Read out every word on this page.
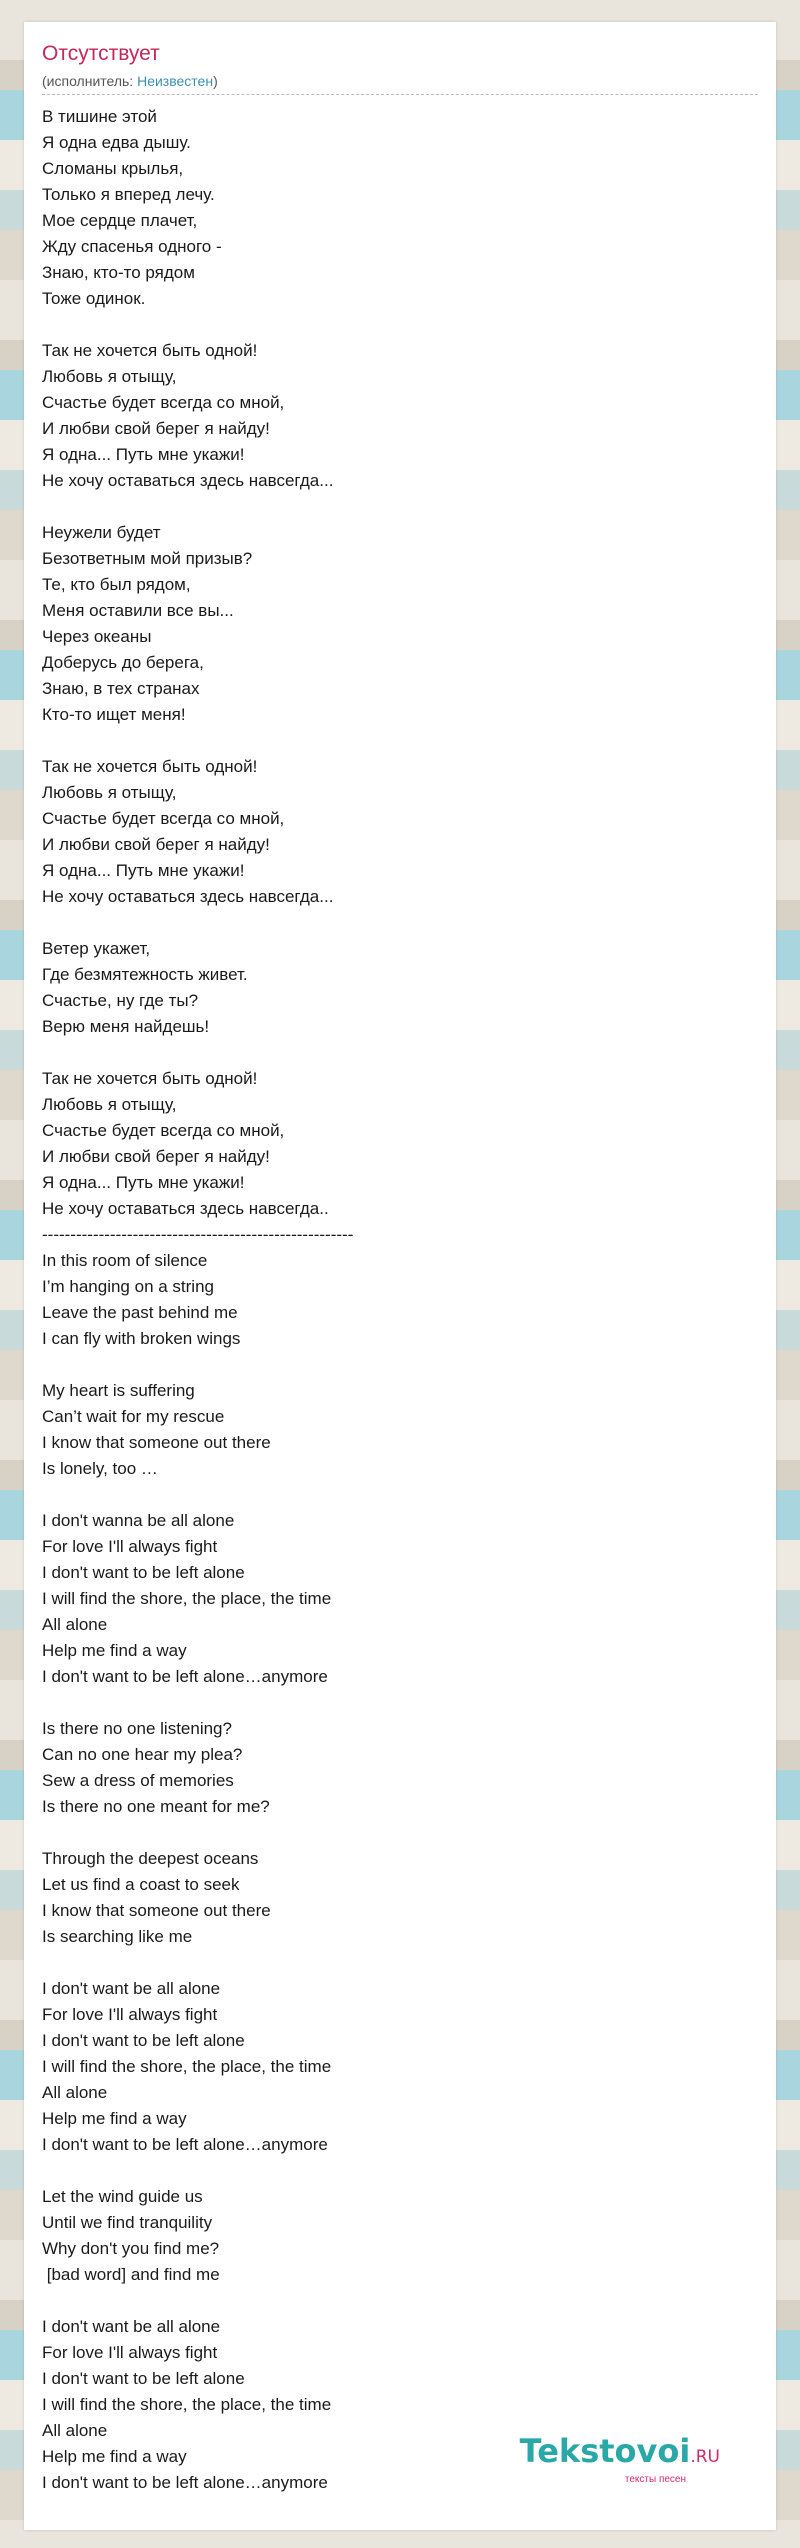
Отсутствует
(исполнитель: Неизвестен)
В тишине этой
Я одна едва дышу.
Сломаны крылья,
Только я вперед лечу.
Мое сердце плачет,
Жду спасенья одного -
Знаю, кто-то рядом
Тоже одинок.
Так не хочется быть одной!
Любовь я отыщу,
Счастье будет всегда со мной,
И любви свой берег я найду!
Я одна... Путь мне укажи!
Не хочу оставаться здесь навсегда...
Неужели будет
Безответным мой призыв?
Те, кто был рядом,
Меня оставили все вы...
Через океаны
Доберусь до берега,
Знаю, в тех странах
Кто-то ищет меня!
Так не хочется быть одной!
Любовь я отыщу,
Счастье будет всегда со мной,
И любви свой берег я найду!
Я одна... Путь мне укажи!
Не хочу оставаться здесь навсегда...
Ветер укажет,
Где безмятежность живет.
Счастье, ну где ты?
Верю меня найдешь!
Так не хочется быть одной!
Любовь я отыщу,
Счастье будет всегда со мной,
И любви свой берег я найду!
Я одна... Путь мне укажи!
Не хочу оставаться здесь навсегда..
-------------------------------------------------------
In this room of silence
I’m hanging on a string
Leave the past behind me
I can fly with broken wings
My heart is suffering
Can’t wait for my rescue
I know that someone out there
Is lonely, too …
I don't wanna be all alone
For love I'll always fight
I don't want to be left alone
I will find the shore, the place, the time
All alone
Help me find a way
I don't want to be left alone…anymore
Is there no one listening?
Can no one hear my plea?
Sew a dress of memories
Is there no one meant for me?
Through the deepest oceans
Let us find a coast to seek
I know that someone out there
Is searching like me
I don't want be all alone
For love I'll always fight
I don't want to be left alone
I will find the shore, the place, the time
All alone
Help me find a way
I don't want to be left alone…anymore
Let the wind guide us
Until we find tranquility
Why don't you find me?
[bad word] and find me
I don't want be all alone
For love I'll always fight
I don't want to be left alone
I will find the shore, the place, the time
All alone
Help me find a way
I don't want to be left alone…anymore
Tekstovoi.RU
тексты песен
